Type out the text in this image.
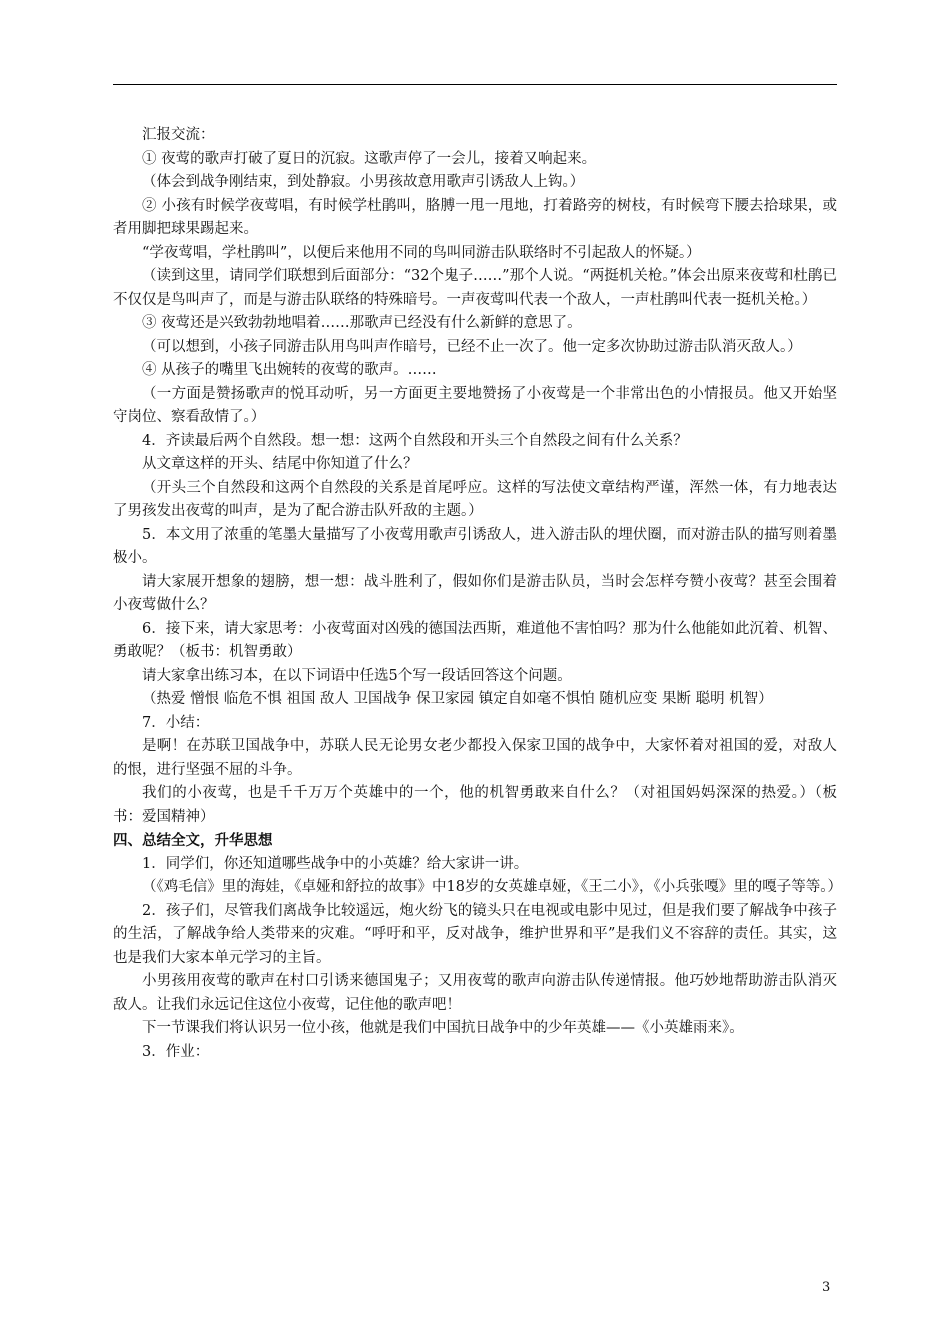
汇报交流：

① 夜莺的歌声打破了夏日的沉寂。这歌声停了一会儿，接着又响起来。

（体会到战争刚结束，到处静寂。小男孩故意用歌声引诱敌人上钩。）

② 小孩有时候学夜莺唱，有时候学杜鹃叫，胳膊一甩一甩地，打着路旁的树枝，有时候弯下腰去拾球果，或者用脚把球果踢起来。

“学夜莺唱，学杜鹃叫”，以便后来他用不同的鸟叫同游击队联络时不引起敌人的怀疑。）

（读到这里，请同学们联想到后面部分：“32个鬼子……”那个人说。“两挺机关枪。”体会出原来夜莺和杜鹃已不仅仅是鸟叫声了，而是与游击队联络的特殊暗号。一声夜莺叫代表一个敌人，一声杜鹃叫代表一挺机关枪。）

③ 夜莺还是兴致勃勃地唱着……那歌声已经没有什么新鲜的意思了。

（可以想到，小孩子同游击队用鸟叫声作暗号，已经不止一次了。他一定多次协助过游击队消灭敌人。）

④ 从孩子的嘴里飞出婉转的夜莺的歌声。……

（一方面是赞扬歌声的悦耳动听，另一方面更主要地赞扬了小夜莺是一个非常出色的小情报员。他又开始坚守岗位、察看敌情了。）

4．齐读最后两个自然段。想一想：这两个自然段和开头三个自然段之间有什么关系？

从文章这样的开头、结尾中你知道了什么？

（开头三个自然段和这两个自然段的关系是首尾呼应。这样的写法使文章结构严谨，浑然一体，有力地表达了男孩发出夜莺的叫声，是为了配合游击队歼敌的主题。）

5．本文用了浓重的笔墨大量描写了小夜莺用歌声引诱敌人，进入游击队的埋伏圈，而对游击队的描写则着墨极小。

请大家展开想象的翅膀，想一想：战斗胜利了，假如你们是游击队员，当时会怎样夸赞小夜莺？甚至会围着小夜莺做什么？

6．接下来，请大家思考：小夜莺面对凶残的德国法西斯，难道他不害怕吗？那为什么他能如此沉着、机智、勇敢呢？（板书：机智勇敢）

请大家拿出练习本，在以下词语中任选5个写一段话回答这个问题。

（热爱 憎恨 临危不惧 祖国 敌人 卫国战争 保卫家园 镇定自如毫不惧怕 随机应变 果断 聪明 机智）

7．小结：

是啊！在苏联卫国战争中，苏联人民无论男女老少都投入保家卫国的战争中，大家怀着对祖国的爱，对敌人的恨，进行坚强不屈的斗争。

我们的小夜莺，也是千千万万个英雄中的一个，他的机智勇敢来自什么？（对祖国妈妈深深的热爱。）（板书：爱国精神）

四、总结全文，升华思想

1．同学们，你还知道哪些战争中的小英雄？给大家讲一讲。

（《鸡毛信》里的海娃，《卓娅和舒拉的故事》中18岁的女英雄卓娅，《王二小》，《小兵张嘎》里的嘎子等等。）

2．孩子们，尽管我们离战争比较遥远，炮火纷飞的镜头只在电视或电影中见过，但是我们要了解战争中孩子的生活，了解战争给人类带来的灾难。“呼吁和平，反对战争，维护世界和平”是我们义不容辞的责任。其实，这也是我们大家本单元学习的主旨。

小男孩用夜莺的歌声在村口引诱来德国鬼子；又用夜莺的歌声向游击队传递情报。他巧妙地帮助游击队消灭敌人。让我们永远记住这位小夜莺，记住他的歌声吧！

下一节课我们将认识另一位小孩，他就是我们中国抗日战争中的少年英雄——《小英雄雨来》。

3．作业：

3
